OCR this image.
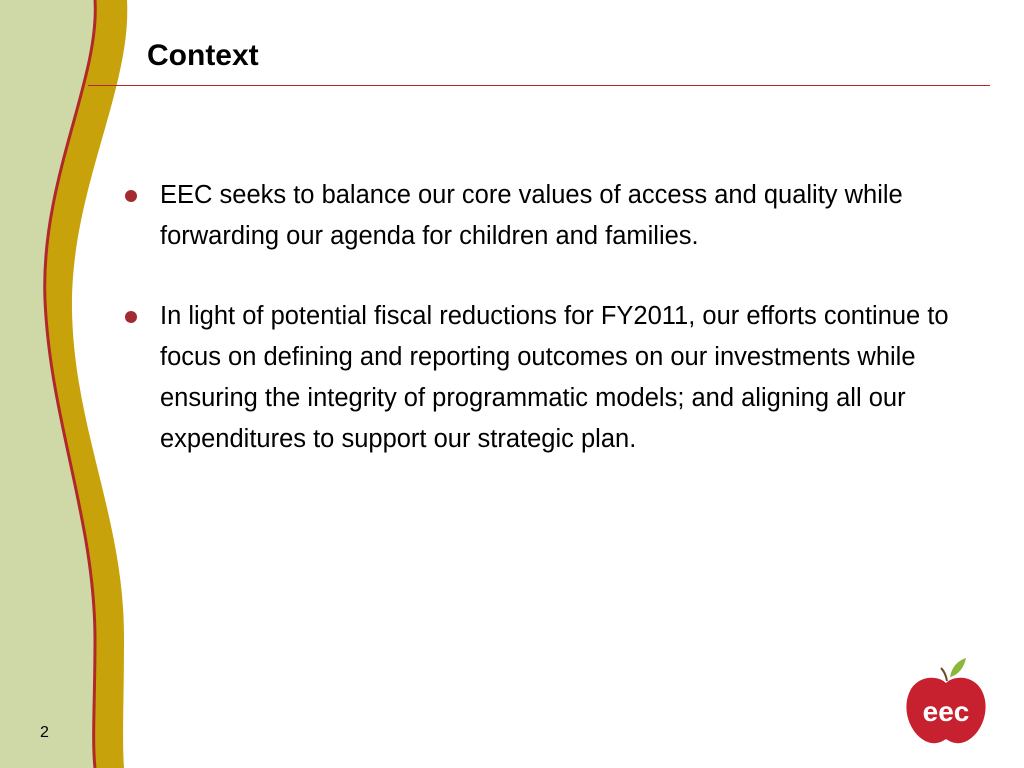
Context
EEC seeks to balance our core values of access and quality while forwarding our agenda for children and families.
In light of potential fiscal reductions for FY2011, our efforts continue to focus on defining and reporting outcomes on our investments while ensuring the integrity of programmatic models; and aligning all our expenditures to support our strategic plan.
2
eec
